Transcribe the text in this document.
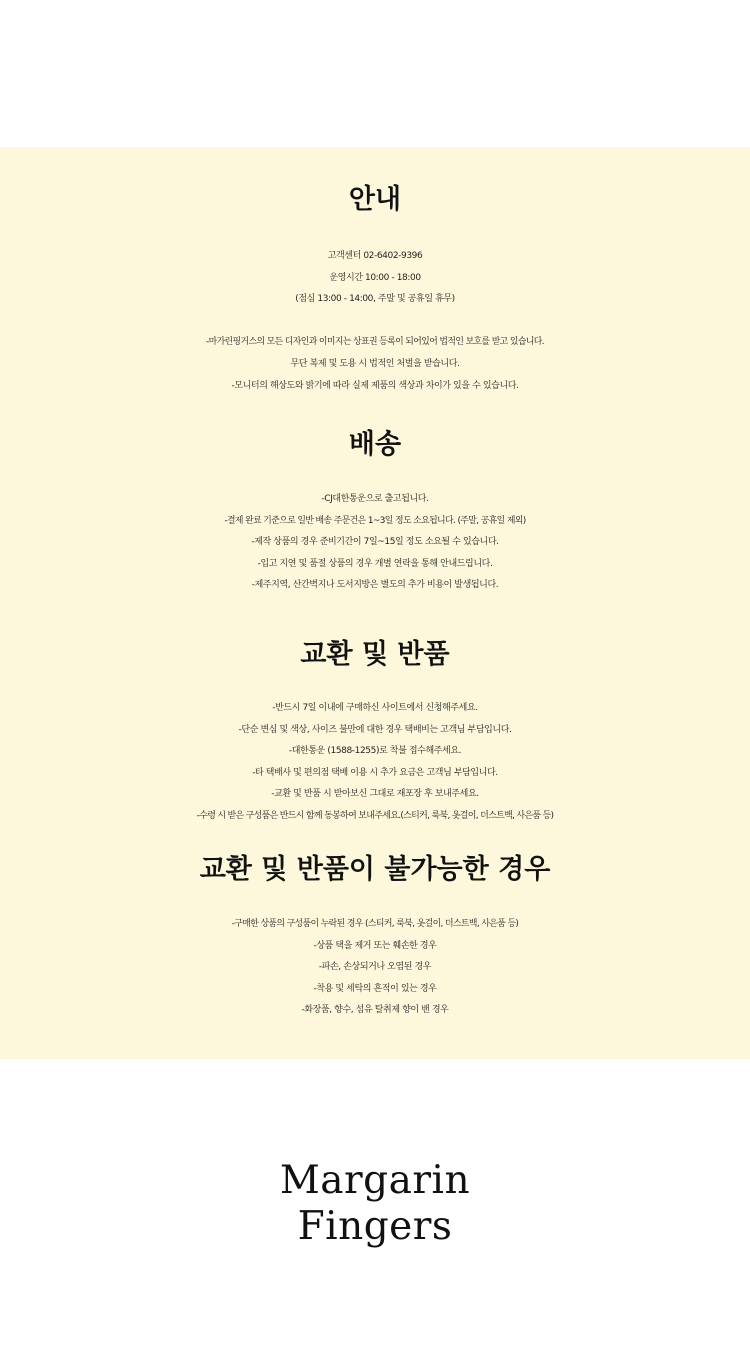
안내
고객센터 02-6402-9396
운영시간 10:00 - 18:00
(점심 13:00 - 14:00, 주말 및 공휴일 휴무)
-마가린핑거스의 모든 디자인과 이미지는 상표권 등록이 되어있어 법적인 보호를 받고 있습니다.
무단 복제 및 도용 시 법적인 처벌을 받습니다.
-모니터의 해상도와 밝기에 따라 실제 제품의 색상과 차이가 있을 수 있습니다.
배송
-CJ대한통운으로 출고됩니다.
-결제 완료 기준으로 일반 배송 주문건은 1~3일 정도 소요됩니다. (주말, 공휴일 제외)
-제작 상품의 경우 준비기간이 7일~15일 정도 소요될 수 있습니다.
-입고 지연 및 품절 상품의 경우 개별 연락을 통해 안내드립니다.
-제주지역, 산간벽지나 도서지방은 별도의 추가 비용이 발생됩니다.
교환 및 반품
-반드시 7일 이내에 구매하신 사이트에서 신청해주세요.
-단순 변심 및 색상, 사이즈 불만에 대한 경우 택배비는 고객님 부담입니다.
-대한통운 (1588-1255)로 착불 접수해주세요.
-타 택배사 및 편의점 택배 이용 시 추가 요금은 고객님 부담입니다.
-교환 및 반품 시 받아보신 그대로 재포장 후 보내주세요.
-수령 시 받은 구성품은 반드시 함께 동봉하여 보내주세요.(스티커, 룩북, 옷걸이, 더스트백, 사은품 등)
교환 및 반품이 불가능한 경우
-구매한 상품의 구성품이 누락된 경우 (스티커, 룩북, 옷걸이, 더스트백, 사은품 등)
-상품 택을 제거 또는 훼손한 경우
-파손, 손상되거나 오염된 경우
-착용 및 세탁의 흔적이 있는 경우
-화장품, 향수, 섬유 탈취제 향이 밴 경우
Margarin
Fingers
